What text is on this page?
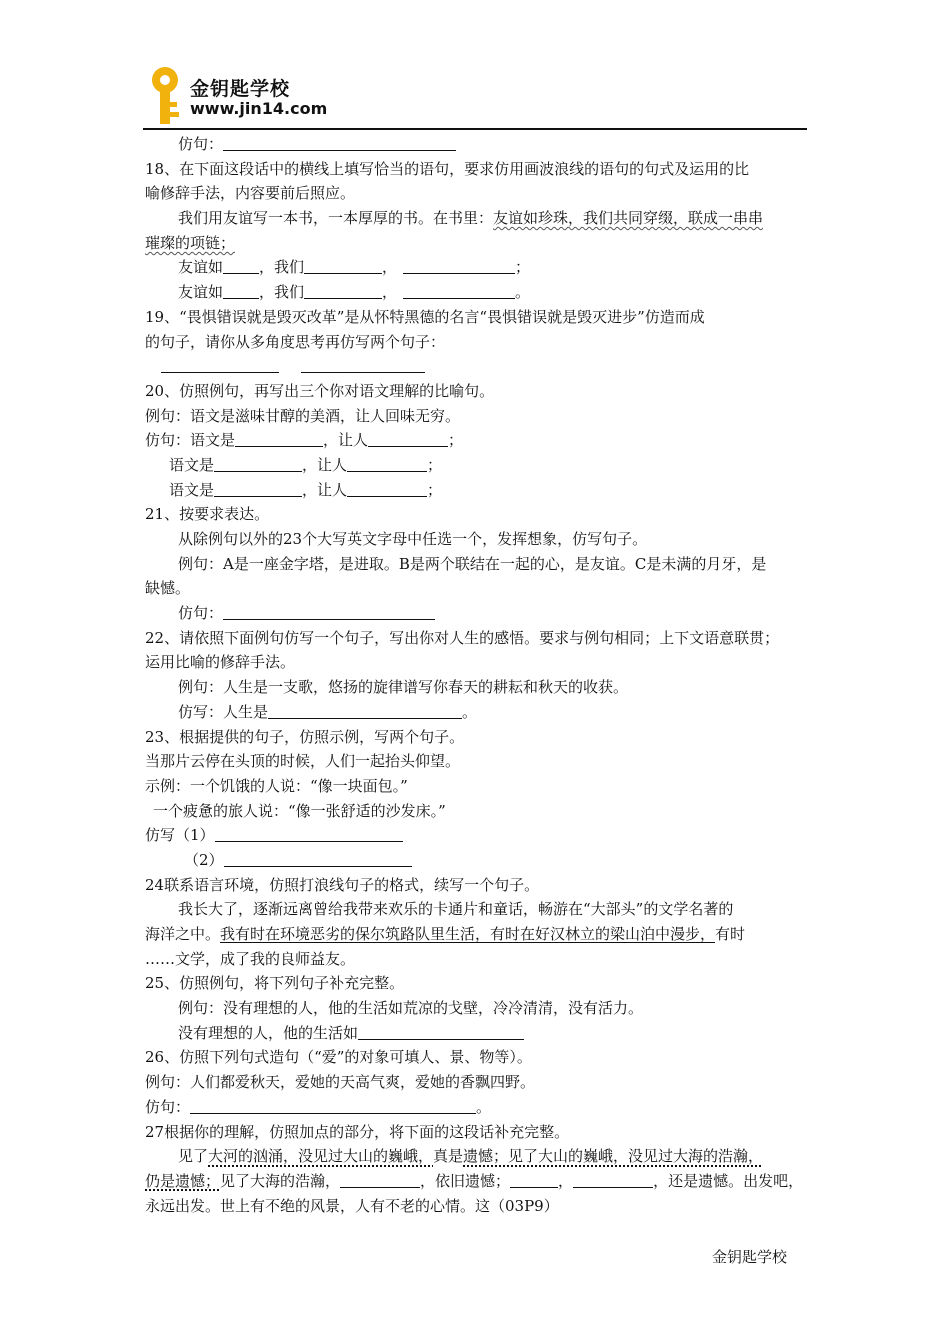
金钥匙学校
www.jin14.com
仿句：
18、在下面这段话中的横线上填写恰当的语句，要求仿用画波浪线的语句的句式及运用的比
喻修辞手法，内容要前后照应。
我们用友谊写一本书，一本厚厚的书。在书里：友谊如珍珠，我们共同穿缀，联成一串串
璀璨的项链；
友谊如 ，我们	，	；
友谊如 ，我们	，	。
19、“畏惧错误就是毁灭改革”是从怀特黑德的名言“畏惧错误就是毁灭进步”仿造而成
的句子，请你从多角度思考再仿写两个句子：
20、仿照例句，再写出三个你对语文理解的比喻句。
例句：语文是滋味甘醇的美酒，让人回味无穷。
仿句：语文是	，让人	；
语文是	，让人	；
语文是	，让人	；
21、按要求表达。
从除例句以外的23个大写英文字母中任选一个，发挥想象，仿写句子。
例句：A是一座金字塔，是进取。B是两个联结在一起的心，是友谊。C是未满的月牙，是
缺憾。
仿句：
22、请依照下面例句仿写一个句子，写出你对人生的感悟。要求与例句相同；上下文语意联贯；
运用比喻的修辞手法。
例句：人生是一支歌，悠扬的旋律谱写你春天的耕耘和秋天的收获。
仿写：人生是	。
23、根据提供的句子，仿照示例，写两个句子。
当那片云停在头顶的时候，人们一起抬头仰望。
示例：一个饥饿的人说：“像一块面包。”
一个疲惫的旅人说：“像一张舒适的沙发床。”
仿写（1）
（2）
24联系语言环境，仿照打浪线句子的格式，续写一个句子。
我长大了，逐渐远离曾给我带来欢乐的卡通片和童话，畅游在“大部头”的文学名著的
海洋之中。我有时在环境恶劣的保尔筑路队里生活，有时在好汉林立的梁山泊中漫步，有时
……文学，成了我的良师益友。
25、仿照例句，将下列句子补充完整。
例句：没有理想的人，他的生活如荒凉的戈壁，冷冷清清，没有活力。
没有理想的人，他的生活如
26、仿照下列句式造句（“爱”的对象可填人、景、物等）。
例句：人们都爱秋天，爱她的天高气爽，爱她的香飘四野。
仿句：	。
27根据你的理解，仿照加点的部分，将下面的这段话补充完整。
见了大河的汹涌，没见过大山的巍峨，真是遗憾；见了大山的巍峨，没见过大海的浩瀚，
仍是遗憾；见了大海的浩瀚，	，依旧遗憾；	，	，还是遗憾。出发吧，
永远出发。世上有不绝的风景，人有不老的心情。这（03P9）
金钥匙学校
